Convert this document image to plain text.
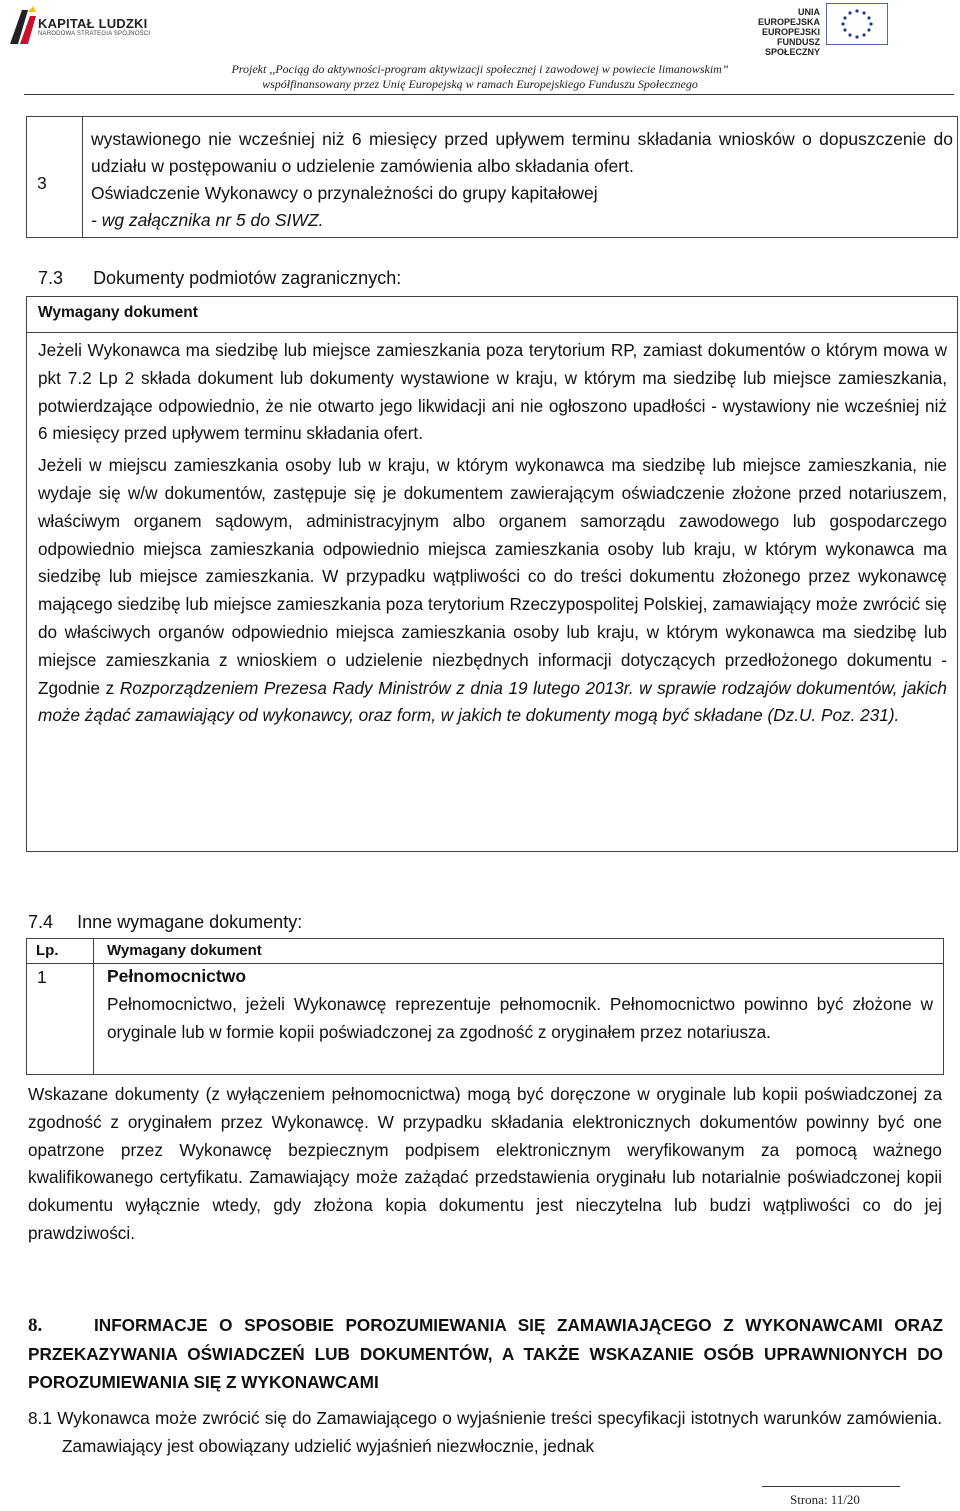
KAPITAŁ LUDZKI
NARODOWA STRATEGIA SPÓJNOŚCI
UNIA EUROPEJSKA
EUROPEJSKI
FUNDUSZ SPOŁECZNY
Projekt ,,Pociąg do aktywności-program aktywizacji społecznej i zawodowej w powiecie limanowskim”
współfinansowany przez Unię Europejską w ramach Europejskiego Funduszu Społecznego
3
wystawionego nie wcześniej niż 6 miesięcy przed upływem terminu składania wniosków o dopuszczenie do udziału w postępowaniu o udzielenie zamówienia albo składania ofert.
Oświadczenie Wykonawcy o przynależności do grupy kapitałowej
- wg załącznika nr 5 do SIWZ.
7.3 Dokumenty podmiotów zagranicznych:
Wymagany dokument

Jeżeli Wykonawca ma siedzibę lub miejsce zamieszkania poza terytorium RP, zamiast dokumentów o którym mowa w pkt 7.2 Lp 2 składa dokument lub dokumenty wystawione w kraju, w którym ma siedzibę lub miejsce zamieszkania, potwierdzające odpowiednio, że nie otwarto jego likwidacji ani nie ogłoszono upadłości - wystawiony nie wcześniej niż 6 miesięcy przed upływem terminu składania ofert.

Jeżeli w miejscu zamieszkania osoby lub w kraju, w którym wykonawca ma siedzibę lub miejsce zamieszkania, nie wydaje się w/w dokumentów, zastępuje się je dokumentem zawierającym oświadczenie złożone przed notariuszem, właściwym organem sądowym, administracyjnym albo organem samorządu zawodowego lub gospodarczego odpowiednio miejsca zamieszkania odpowiednio miejsca zamieszkania osoby lub kraju, w którym wykonawca ma siedzibę lub miejsce zamieszkania. W przypadku wątpliwości co do treści dokumentu złożonego przez wykonawcę mającego siedzibę lub miejsce zamieszkania poza terytorium Rzeczypospolitej Polskiej, zamawiający może zwrócić się do właściwych organów odpowiednio miejsca zamieszkania osoby lub kraju, w którym wykonawca ma siedzibę lub miejsce zamieszkania z wnioskiem o udzielenie niezbędnych informacji dotyczących przedłożonego dokumentu - Zgodnie z Rozporządzeniem Prezesa Rady Ministrów z dnia 19 lutego 2013r. w sprawie rodzajów dokumentów, jakich może żądać zamawiający od wykonawcy, oraz form, w jakich te dokumenty mogą być składane (Dz.U. Poz. 231).

7.4 Inne wymagane dokumenty:
Lp.	Wymagany dokument
1	Pełnomocnictwo

Pełnomocnictwo, jeżeli Wykonawcę reprezentuje pełnomocnik. Pełnomocnictwo powinno być złożone w oryginale lub w formie kopii poświadczonej za zgodność z oryginałem przez notariusza.

Wskazane dokumenty (z wyłączeniem pełnomocnictwa) mogą być doręczone w oryginale lub kopii poświadczonej za zgodność z oryginałem przez Wykonawcę. W przypadku składania elektronicznych dokumentów powinny być one opatrzone przez Wykonawcę bezpiecznym podpisem elektronicznym weryfikowanym za pomocą ważnego kwalifikowanego certyfikatu. Zamawiający może zażądać przedstawienia oryginału lub notarialnie poświadczonej kopii dokumentu wyłącznie wtedy, gdy złożona kopia dokumentu jest nieczytelna lub budzi wątpliwości co do jej prawdziwości.

8.	INFORMACJE O SPOSOBIE POROZUMIEWANIA SIĘ ZAMAWIAJĄCEGO Z WYKONAWCAMI ORAZ PRZEKAZYWANIA OŚWIADCZEŃ LUB DOKUMENTÓW, A TAKŻE WSKAZANIE OSÓB UPRAWNIONYCH DO POROZUMIEWANIA SIĘ Z WYKONAWCAMI

8.1 Wykonawca może zwrócić się do Zamawiającego o wyjaśnienie treści specyfikacji istotnych warunków zamówienia. Zamawiający jest obowiązany udzielić wyjaśnień niezwłocznie, jednak

Strona: 11/20
